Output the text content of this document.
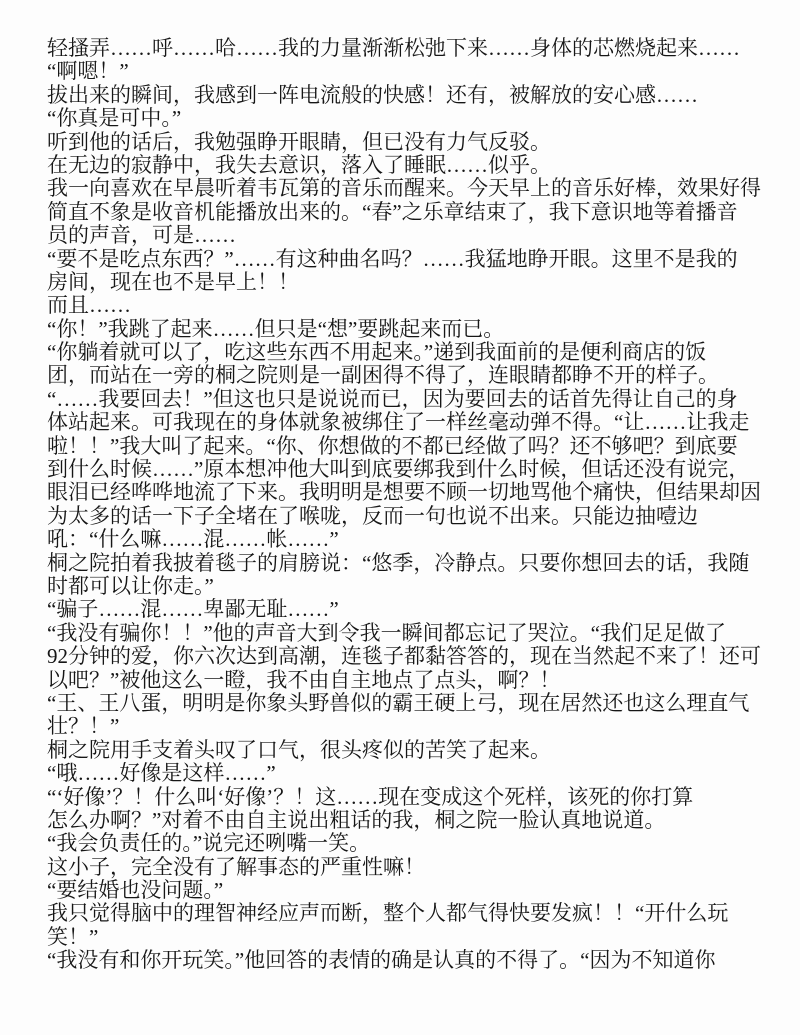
轻搔弄……呼……哈……我的力量渐渐松弛下来……身体的芯燃烧起来……
“啊嗯！”
拔出来的瞬间，我感到一阵电流般的快感！还有，被解放的安心感……
“你真是可中。”
听到他的话后，我勉强睁开眼睛，但已没有力气反驳。
在无边的寂静中，我失去意识，落入了睡眠……似乎。
我一向喜欢在早晨听着韦瓦第的音乐而醒来。今天早上的音乐好棒，效果好得
简直不象是收音机能播放出来的。“春”之乐章结束了，我下意识地等着播音
员的声音，可是……
“要不是吃点东西？”……有这种曲名吗？……我猛地睁开眼。这里不是我的
房间，现在也不是早上！！
而且……
“你！”我跳了起来……但只是“想”要跳起来而已。
“你躺着就可以了，吃这些东西不用起来。”递到我面前的是便利商店的饭
团，而站在一旁的桐之院则是一副困得不得了，连眼睛都睁不开的样子。
“……我要回去！”但这也只是说说而已，因为要回去的话首先得让自己的身
体站起来。可我现在的身体就象被绑住了一样丝毫动弹不得。“让……让我走
啦！！”我大叫了起来。“你、你想做的不都已经做了吗？还不够吧？到底要
到什么时候……”原本想冲他大叫到底要绑我到什么时候，但话还没有说完，
眼泪已经哗哗地流了下来。我明明是想要不顾一切地骂他个痛快，但结果却因
为太多的话一下子全堵在了喉咙，反而一句也说不出来。只能边抽噎边
吼：“什么嘛……混……帐……”
桐之院拍着我披着毯子的肩膀说：“悠季，冷静点。只要你想回去的话，我随
时都可以让你走。”
“骗子……混……卑鄙无耻……”
“我没有骗你！！”他的声音大到令我一瞬间都忘记了哭泣。“我们足足做了
92分钟的爱，你六次达到高潮，连毯子都黏答答的，现在当然起不来了！还可
以吧？”被他这么一瞪，我不由自主地点了点头，啊？！
“王、王八蛋，明明是你象头野兽似的霸王硬上弓，现在居然还也这么理直气
壮？！”
桐之院用手支着头叹了口气，很头疼似的苦笑了起来。
“哦……好像是这样……”
“‘好像’？！什么叫‘好像’？！这……现在变成这个死样，该死的你打算
怎么办啊？”对着不由自主说出粗话的我，桐之院一脸认真地说道。
“我会负责任的。”说完还咧嘴一笑。
这小子，完全没有了解事态的严重性嘛！
“要结婚也没问题。”
我只觉得脑中的理智神经应声而断，整个人都气得快要发疯！！“开什么玩
笑！”
“我没有和你开玩笑。”他回答的表情的确是认真的不得了。“因为不知道你
